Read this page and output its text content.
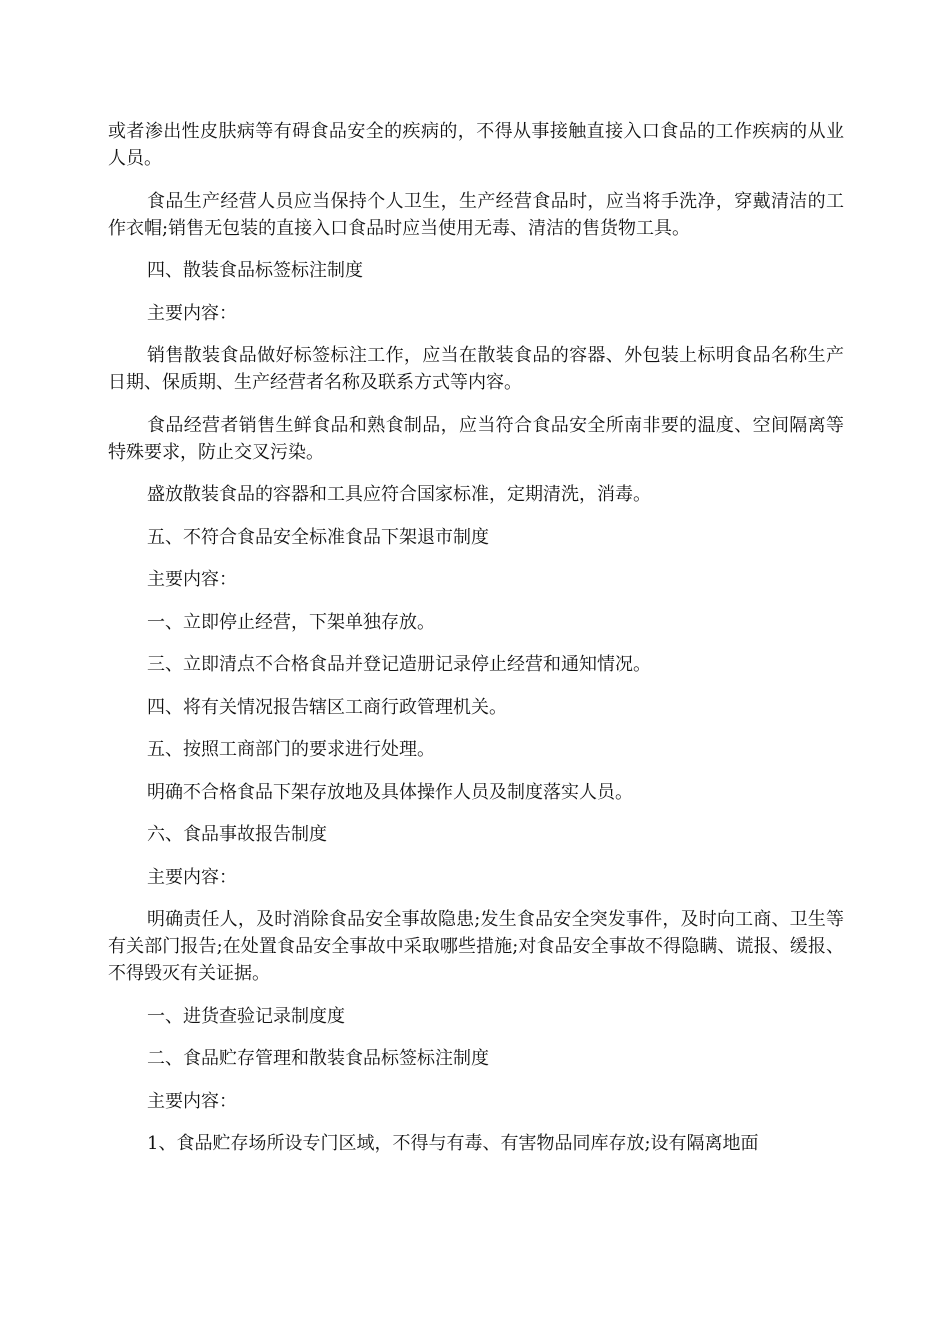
或者渗出性皮肤病等有碍食品安全的疾病的，不得从事接触直接入口食品的工作疾病的从业人员。

食品生产经营人员应当保持个人卫生，生产经营食品时，应当将手洗净，穿戴清洁的工作衣帽;销售无包装的直接入口食品时应当使用无毒、清洁的售货物工具。

四、散装食品标签标注制度

主要内容：

销售散装食品做好标签标注工作，应当在散装食品的容器、外包装上标明食品名称生产日期、保质期、生产经营者名称及联系方式等内容。

食品经营者销售生鲜食品和熟食制品，应当符合食品安全所南非要的温度、空间隔离等特殊要求，防止交叉污染。

盛放散装食品的容器和工具应符合国家标准，定期清洗，消毒。

五、不符合食品安全标准食品下架退市制度

主要内容：

一、立即停止经营，下架单独存放。

三、立即清点不合格食品并登记造册记录停止经营和通知情况。

四、将有关情况报告辖区工商行政管理机关。

五、按照工商部门的要求进行处理。

明确不合格食品下架存放地及具体操作人员及制度落实人员。

六、食品事故报告制度

主要内容：

明确责任人，及时消除食品安全事故隐患;发生食品安全突发事件，及时向工商、卫生等有关部门报告;在处置食品安全事故中采取哪些措施;对食品安全事故不得隐瞒、谎报、缓报、不得毁灭有关证据。

一、进货查验记录制度度

二、食品贮存管理和散装食品标签标注制度

主要内容：

1、食品贮存场所设专门区域，不得与有毒、有害物品同库存放;设有隔离地面
